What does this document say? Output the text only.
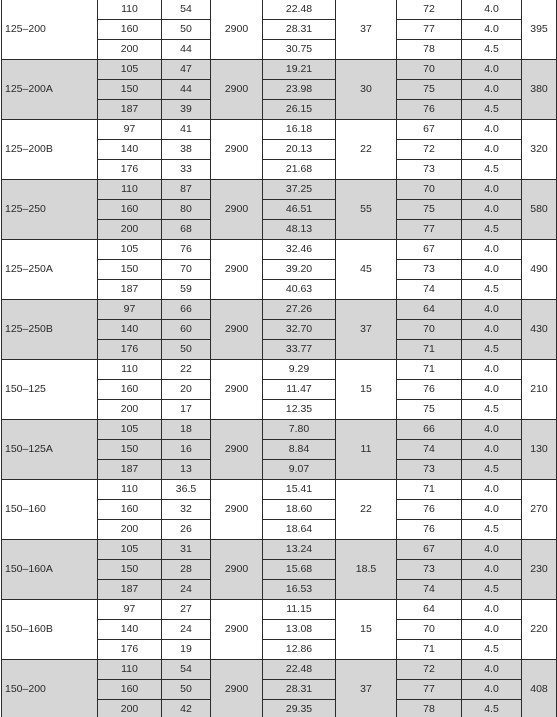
125–200	110	54	2900	22.48	37	72	4.0	395
	160	50		28.31		77	4.0	
	200	44		30.75		78	4.5	
125–200A	105	47	2900	19.21	30	70	4.0	380
	150	44		23.98		75	4.0	
	187	39		26.15		76	4.5	
125–200B	97	41	2900	16.18	22	67	4.0	320
	140	38		20.13		72	4.0	
	176	33		21.68		73	4.5	
125–250	110	87	2900	37.25	55	70	4.0	580
	160	80		46.51		75	4.0	
	200	68		48.13		77	4.5	
125–250A	105	76	2900	32.46	45	67	4.0	490
	150	70		39.20		73	4.0	
	187	59		40.63		74	4.5	
125–250B	97	66	2900	27.26	37	64	4.0	430
	140	60		32.70		70	4.0	
	176	50		33.77		71	4.5	
150–125	110	22	2900	9.29	15	71	4.0	210
	160	20		11.47		76	4.0	
	200	17		12.35		75	4.5	
150–125A	105	18	2900	7.80	11	66	4.0	130
	150	16		8.84		74	4.0	
	187	13		9.07		73	4.5	
150–160	110	36.5	2900	15.41	22	71	4.0	270
	160	32		18.60		76	4.0	
	200	26		18.64		76	4.5	
150–160A	105	31	2900	13.24	18.5	67	4.0	230
	150	28		15.68		73	4.0	
	187	24		16.53		74	4.5	
150–160B	97	27	2900	11.15	15	64	4.0	220
	140	24		13.08		70	4.0	
	176	19		12.86		71	4.5	
150–200	110	54	2900	22.48	37	72	4.0	408
	160	50		28.31		77	4.0	
	200	42		29.35		78	4.5	
